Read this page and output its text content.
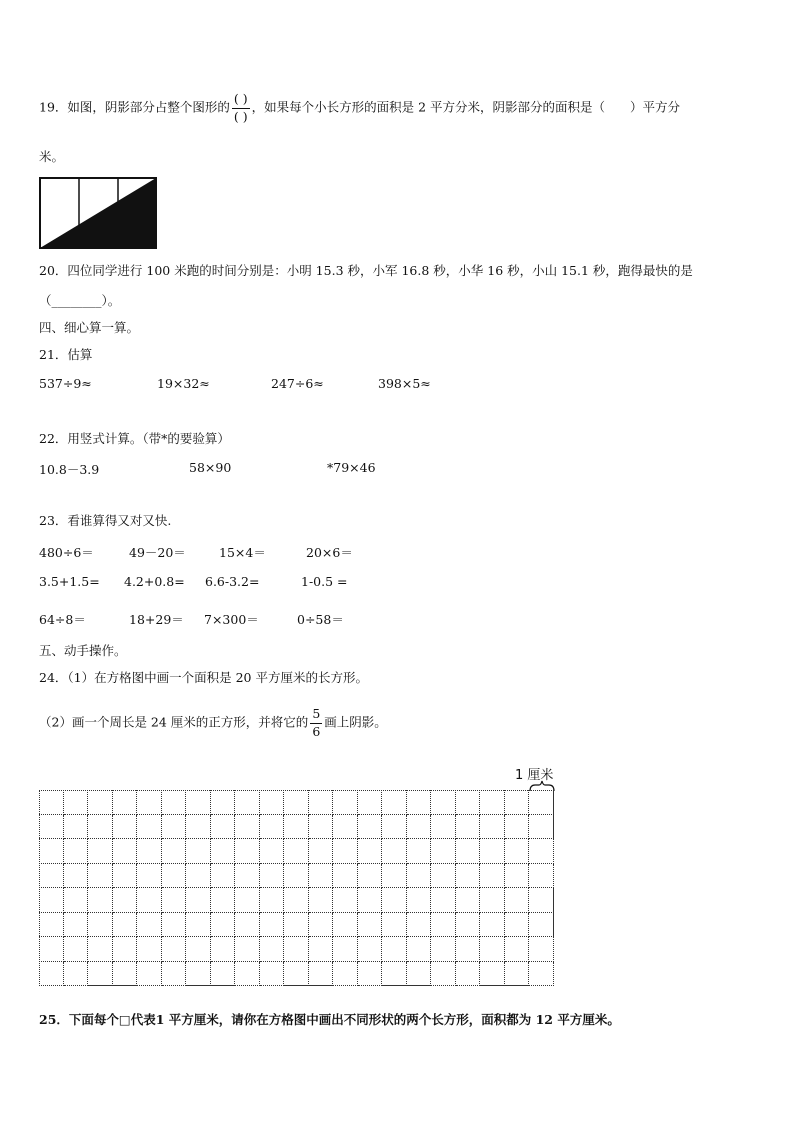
19．如图，阴影部分占整个图形的 $\frac{( )}{( )}$ ，如果每个小长方形的面积是 2 平方分米，阴影部分的面积是（　　）平方分
米。
20．四位同学进行 100 米跑的时间分别是：小明 15.3 秒，小军 16.8 秒，小华 16 秒，小山 15.1 秒，跑得最快的是
（________）。
四、细心算一算。
21．估算
537÷9≈	19×32≈	247÷6≈	398×5≈
22．用竖式计算。（带*的要验算）
10.8－3.9	58×90	*79×46
23．看谁算得又对又快.
480÷6＝	49－20＝	15×4＝	20×6＝
3.5+1.5= 4.2+0.8= 6.6-3.2=	1-0.5 =
64÷8＝	18+29＝ 7×300＝	0÷58＝
五、动手操作。
24．（1）在方格图中画一个面积是 20 平方厘米的长方形。
（2）画一个周长是 24 厘米的正方形，并将它的 $\frac{5}{6}$ 画上阴影。
1 厘米
25．下面每个□代表1 平方厘米，请你在方格图中画出不同形状的两个长方形，面积都为 12 平方厘米。
